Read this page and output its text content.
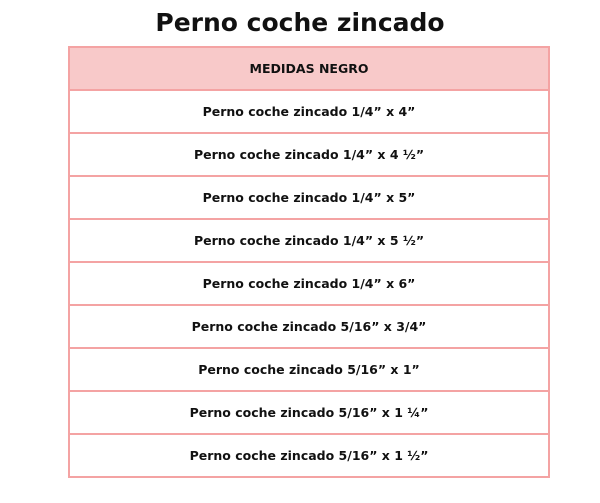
Perno coche zincado
MEDIDAS NEGRO
Perno coche zincado 1/4” x 4”
Perno coche zincado 1/4” x 4 ½”
Perno coche zincado 1/4” x 5”
Perno coche zincado 1/4” x 5 ½”
Perno coche zincado 1/4” x 6”
Perno coche zincado 5/16” x 3/4”
Perno coche zincado 5/16” x 1”
Perno coche zincado 5/16” x 1 ¼”
Perno coche zincado 5/16” x 1 ½”
